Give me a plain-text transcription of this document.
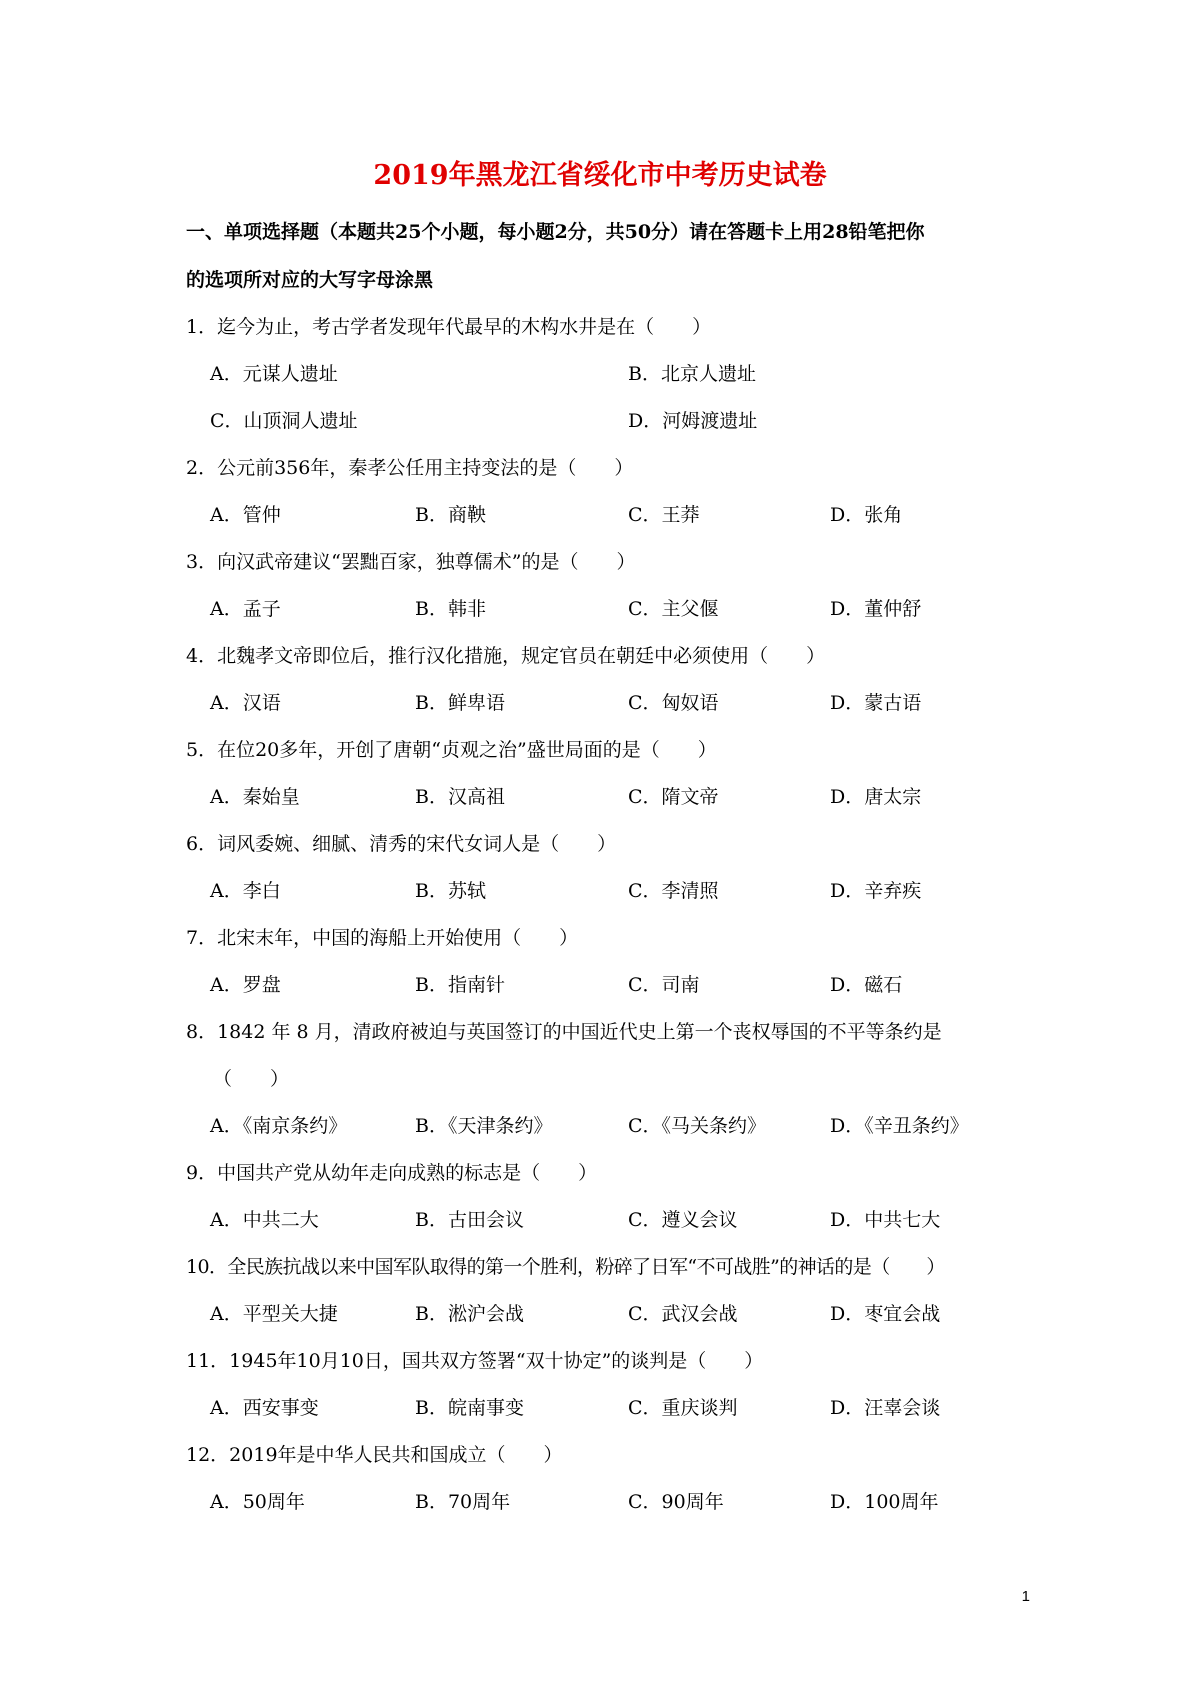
2019年黑龙江省绥化市中考历史试卷
一、单项选择题（本题共25个小题，每小题2分，共50分）请在答题卡上用28铅笔把你
的选项所对应的大写字母涂黑
1．迄今为止，考古学者发现年代最早的木构水井是在（　　）
A．元谋人遗址	B．北京人遗址
C．山顶洞人遗址	D．河姆渡遗址
2．公元前356年，秦孝公任用主持变法的是（　　）
A．管仲	B．商鞅	C．王莽	D．张角
3．向汉武帝建议“罢黜百家，独尊儒术”的是（　　）
A．孟子	B．韩非	C．主父偃	D．董仲舒
4．北魏孝文帝即位后，推行汉化措施，规定官员在朝廷中必须使用（　　）
A．汉语	B．鲜卑语	C．匈奴语	D．蒙古语
5．在位20多年，开创了唐朝“贞观之治”盛世局面的是（　　）
A．秦始皇	B．汉高祖	C．隋文帝	D．唐太宗
6．词风委婉、细腻、清秀的宋代女词人是（　　）
A．李白	B．苏轼	C．李清照	D．辛弃疾
7．北宋末年，中国的海船上开始使用（　　）
A．罗盘	B．指南针	C．司南	D．磁石
8．1842 年 8 月，清政府被迫与英国签订的中国近代史上第一个丧权辱国的不平等条约是
（　　）
A．《南京条约》	B．《天津条约》	C．《马关条约》	D．《辛丑条约》
9．中国共产党从幼年走向成熟的标志是（　　）
A．中共二大	B．古田会议	C．遵义会议	D．中共七大
10．全民族抗战以来中国军队取得的第一个胜利，粉碎了日军“不可战胜”的神话的是（　　）
A．平型关大捷	B．淞沪会战	C．武汉会战	D．枣宜会战
11．1945年10月10日，国共双方签署“双十协定”的谈判是（　　）
A．西安事变	B．皖南事变	C．重庆谈判	D．汪辜会谈
12．2019年是中华人民共和国成立（　　）
A．50周年	B．70周年	C．90周年	D．100周年
1
